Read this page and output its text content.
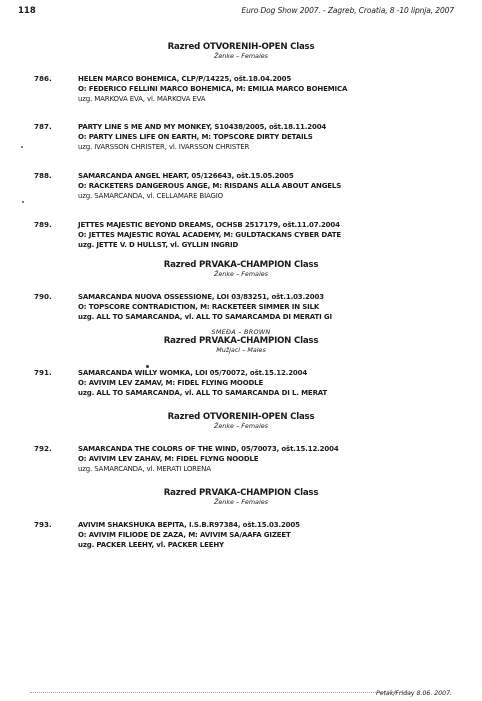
118	Euro Dog Show 2007. - Zagreb, Croatia, 8 -10 lipnja, 2007
Razred OTVORENIH-OPEN Class
Ženke – Females
786.	HELEN MARCO BOHEMICA, CLP/P/14225, ošt.18.04.2005
O: FEDERICO FELLINI MARCO BOHEMICA, M: EMILIA MARCO BOHEMICA
uzg. MARKOVA EVA, vl. MARKOVA EVA
787.	PARTY LINE S ME AND MY MONKEY, S10438/2005, ošt.18.11.2004
O: PARTY LINES LIFE ON EARTH, M: TOPSCORE DIRTY DETAILS
uzg. IVARSSON CHRISTER, vl. IVARSSON CHRISTER
788.	SAMARCANDA ANGEL HEART, 05/126643, ošt.15.05.2005
O: RACKETERS DANGEROUS ANGE, M: RISDANS ALLA ABOUT ANGELS
uzg. SAMARCANDA, vl. CELLAMARE BIAGIO
789.	JETTES MAJESTIC BEYOND DREAMS, OCHSB 2517179, ošt.11.07.2004
O: JETTES MAJESTIC ROYAL ACADEMY, M: GULDTACKANS CYBER DATE
uzg. JETTE V. D HULLST, vl. GYLLIN INGRID
Razred PRVAKA-CHAMPION Class
Ženke – Females
790.	SAMARCANDA NUOVA OSSESSIONE, LOI 03/83251, ošt.1.03.2003
O: TOPSCORE CONTRADICTION, M: RACKETEER SIMMER IN SILK
uzg. ALL TO SAMARCANDA, vl. ALL TO SAMARCAMDA DI MERATI GI
SMEĐA – BROWN
Razred PRVAKA-CHAMPION Class
Mužjaci – Males
791.	SAMARCANDA WILLY WOMKA, LOI 05/70072, ošt.15.12.2004
O: AVIVIM LEV ZAMAV, M: FIDEL FLYING MOODLE
uzg. ALL TO SAMARCANDA, vl. ALL TO SAMARCANDA DI L. MERAT
Razred OTVORENIH-OPEN Class
Ženke – Females
792.	SAMARCANDA THE COLORS OF THE WIND, 05/70073, ošt.15.12.2004
O: AVIVIM LEV ZAHAV, M: FIDEL FLYNG NOODLE
uzg. SAMARCANDA, vl. MERATI LORENA
Razred PRVAKA-CHAMPION Class
Ženke – Females
793.	AVIVIM SHAKSHUKA BEPITA, I.S.B.R97384, ošt.15.03.2005
O: AVIVIM FILIODE DE ZAZA, M: AVIVIM SA/AAFA GIZEET
uzg. PACKER LEEHY, vl. PACKER LEEHY
Petak/Friday 8.06. 2007.
